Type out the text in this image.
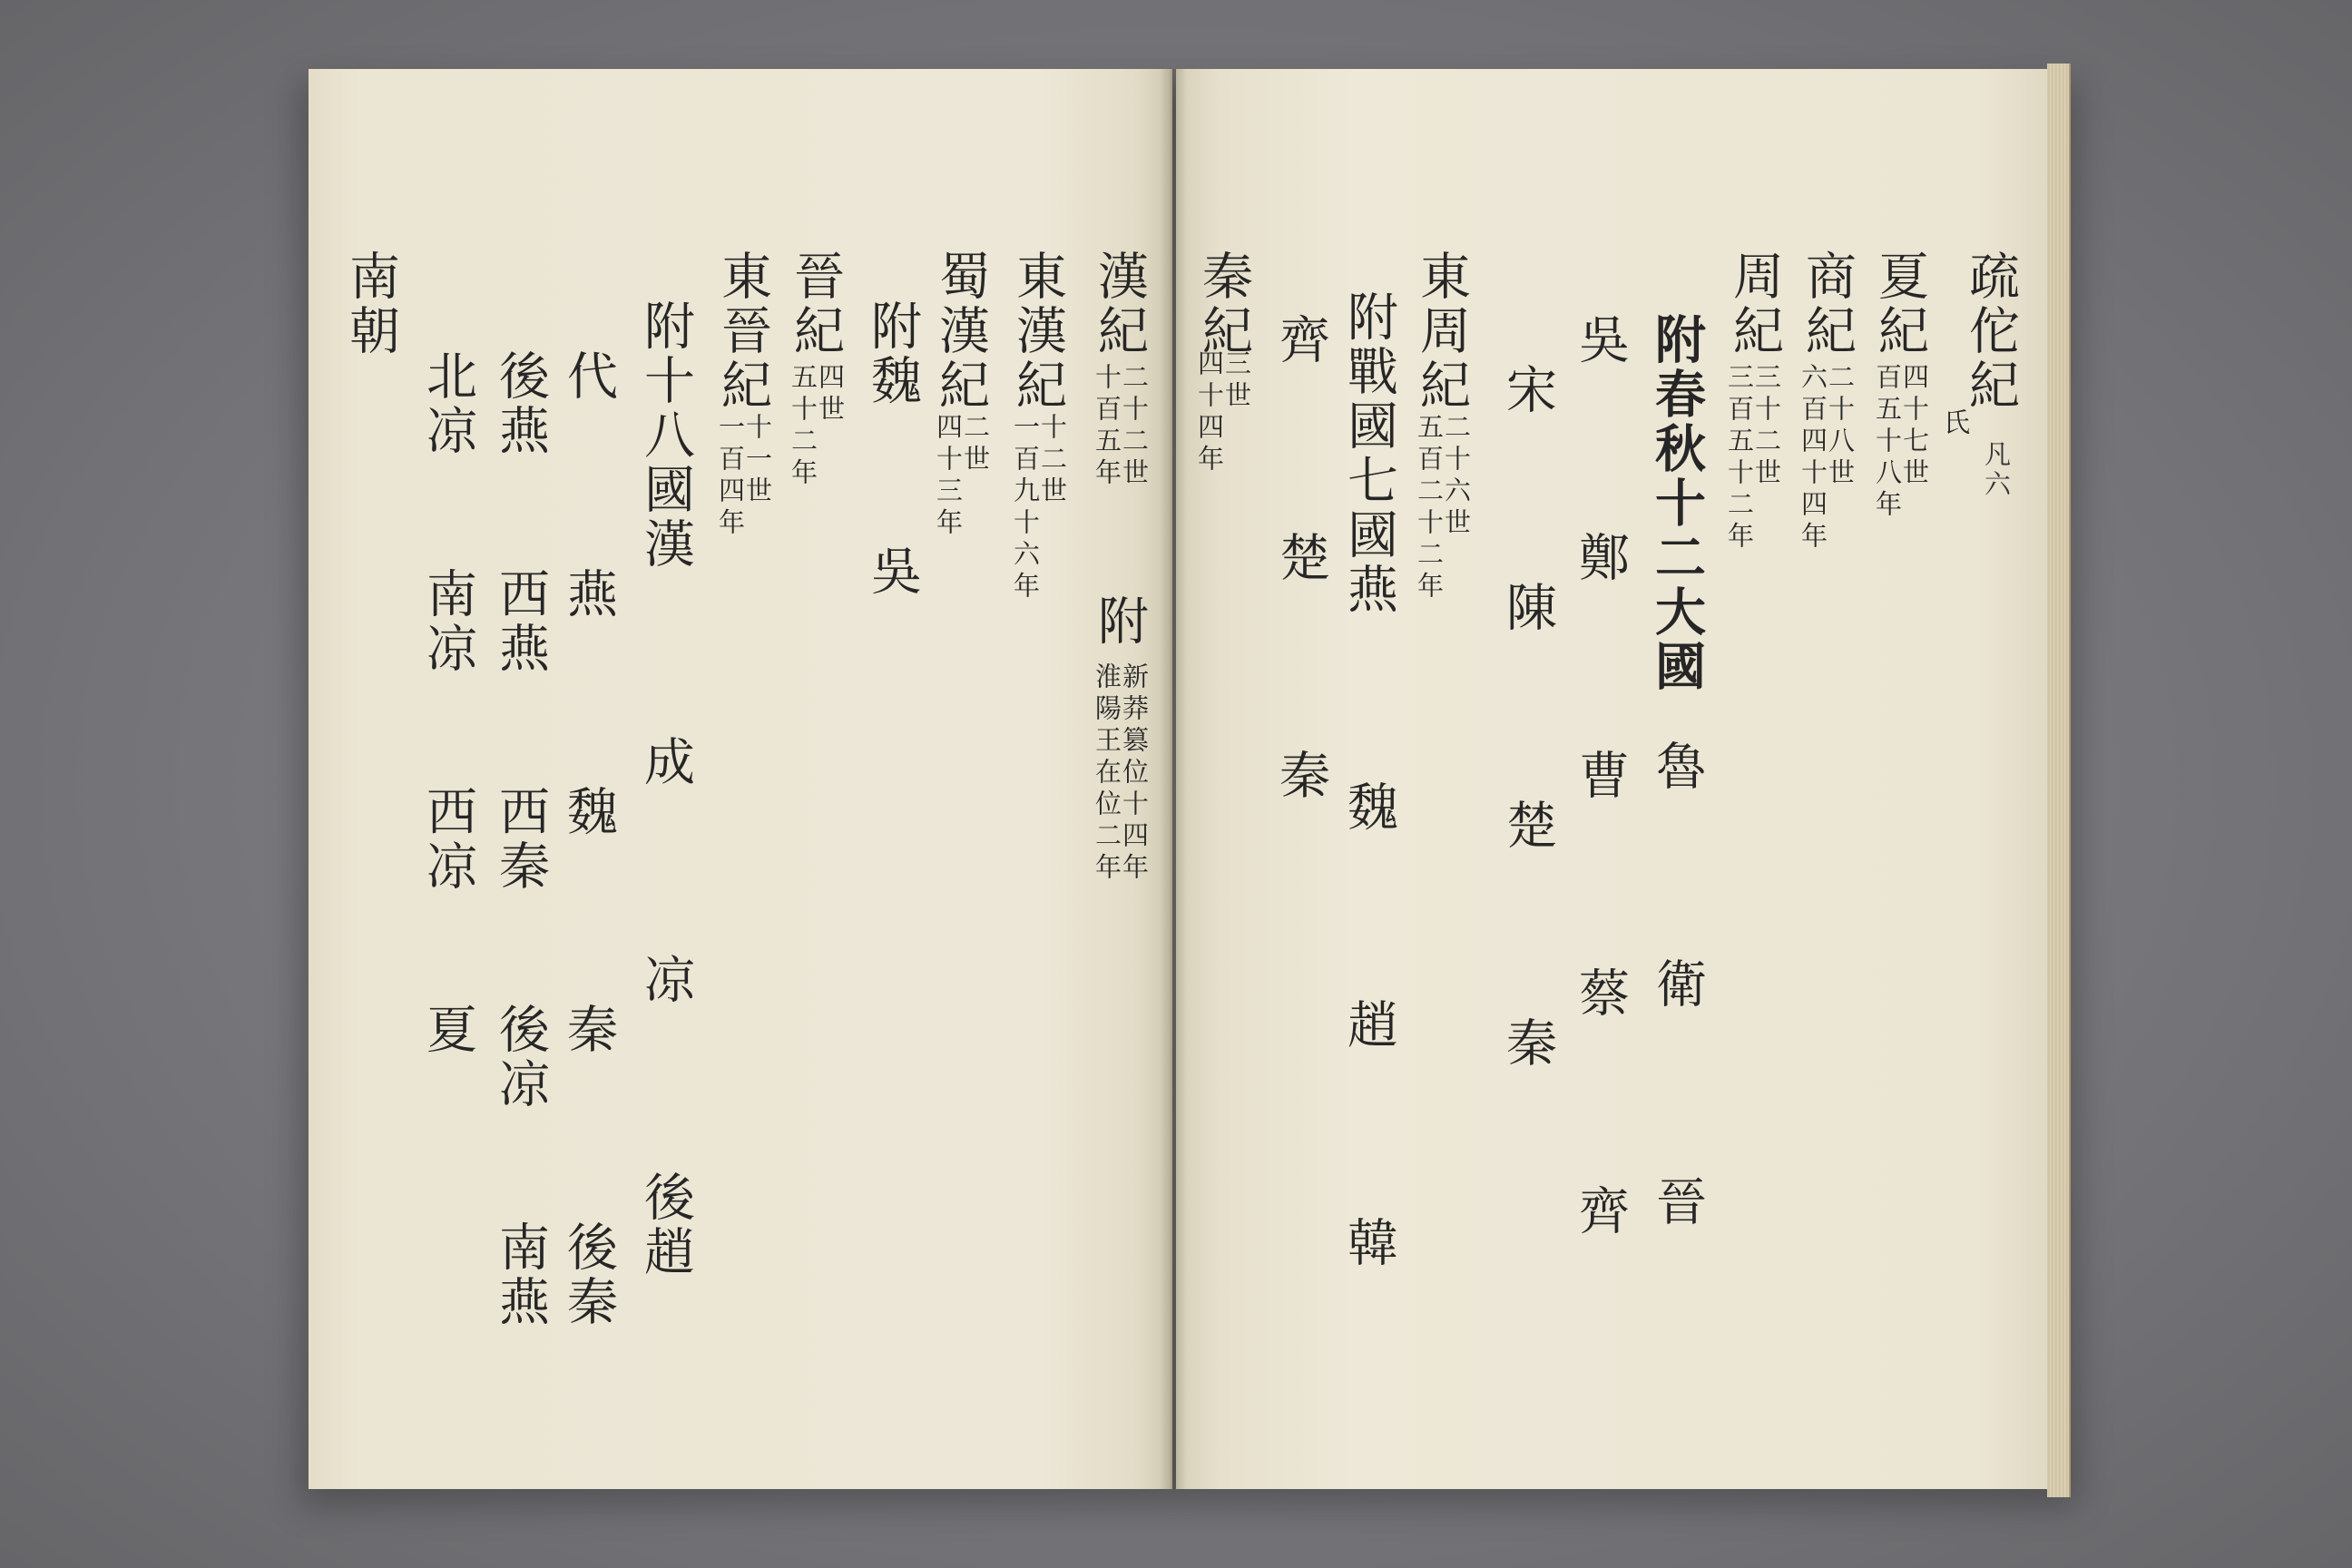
凡六
疏佗紀
氏
夏紀
四十七世
百五十八年
商紀
二十八世
六百四十四年
周紀
三十二世
三百五十二年
附春秋十二大國
吳　　　鄭　　　曹　　　蔡　　　齊 魯　　　衛　　　晉
宋　　　陳　　　楚　　　秦
東周紀
二十六世
五百二十二年
附戰國七國燕　　　魏　　　趙　　　韓
齊　　　楚　　　秦
秦紀
三世
四十四年
漢紀
二十二世
十百五年
附
新莽篡位十四年
淮陽王在位二年
東漢紀
十二世
一百九十六年
蜀漢紀
二世
四十三年
附魏
吳
晉紀
四世
五十二年
東晉紀
十一世
一百四年
附十八國漢　　　成　　　凉　　　後趙
代　　　燕　　　魏　　　秦　　　後秦
後燕　　西燕　　西秦　　後凉　　南燕
北凉　　南凉　　西凉　　夏
南朝
